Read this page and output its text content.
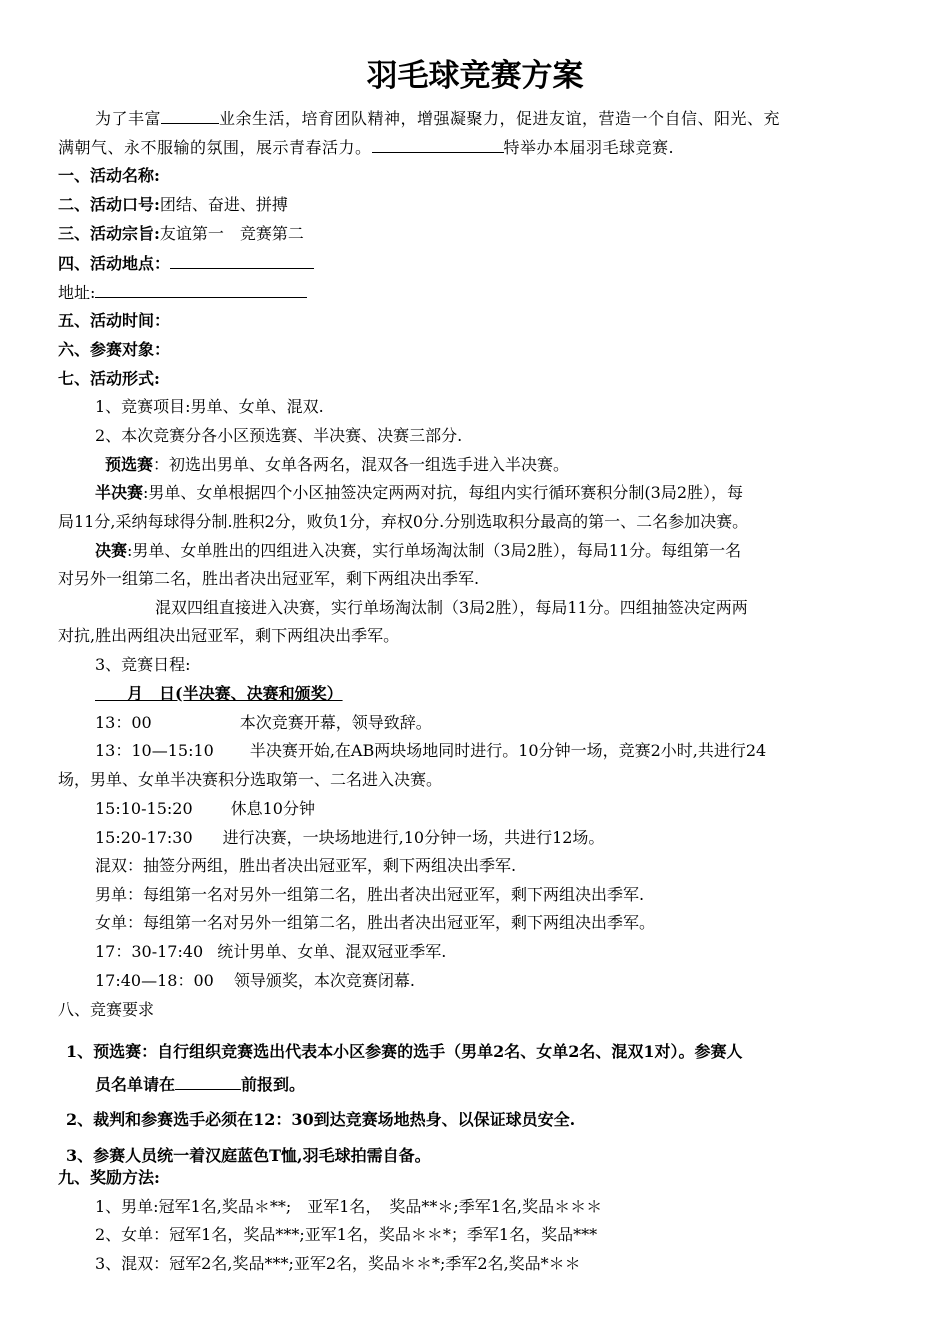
羽毛球竞赛方案
为了丰富	业余生活，培育团队精神，增强凝聚力，促进友谊，营造一个自信、阳光、充
满朝气、永不服输的氛围，展示青春活力。	特举办本届羽毛球竞赛.
一、活动名称:
二、活动口号:团结、奋进、拼搏
三、活动宗旨:友谊第一　竞赛第二
四、活动地点：
地址:
五、活动时间：
六、参赛对象：
七、活动形式:
1、竞赛项目:男单、女单、混双.
2、本次竞赛分各小区预选赛、半决赛、决赛三部分.
预选赛：初选出男单、女单各两名，混双各一组选手进入半决赛。
半决赛:男单、女单根据四个小区抽签决定两两对抗，每组内实行循环赛积分制(3局2胜），每
局11分,采纳每球得分制.胜积2分，败负1分，弃权0分.分别选取积分最高的第一、二名参加决赛。
决赛:男单、女单胜出的四组进入决赛，实行单场淘汰制（3局2胜），每局11分。每组第一名
对另外一组第二名，胜出者决出冠亚军，剩下两组决出季军.
混双四组直接进入决赛，实行单场淘汰制（3局2胜），每局11分。四组抽签决定两两
对抗,胜出两组决出冠亚军，剩下两组决出季军。
3、竞赛日程:
　　月　日(半决赛、决赛和颁奖）
13：00	本次竞赛开幕，领导致辞。
13：10—15:10 半决赛开始,在AB两块场地同时进行。10分钟一场，竞赛2小时,共进行24
场，男单、女单半决赛积分选取第一、二名进入决赛。
15:10-15:20 休息10分钟
15:20-17:30 进行决赛，一块场地进行,10分钟一场，共进行12场。
混双：抽签分两组，胜出者决出冠亚军，剩下两组决出季军.
男单：每组第一名对另外一组第二名，胜出者决出冠亚军，剩下两组决出季军.
女单：每组第一名对另外一组第二名，胜出者决出冠亚军，剩下两组决出季军。
17：30-17:40 统计男单、女单、混双冠亚季军.
17:40—18：00 领导颁奖，本次竞赛闭幕.
八、竞赛要求
1、预选赛：自行组织竞赛选出代表本小区参赛的选手（男单2名、女单2名、混双1对）。参赛人
员名单请在	前报到。
2、裁判和参赛选手必须在12：30到达竞赛场地热身、以保证球员安全.
3、参赛人员统一着汉庭蓝色T恤,羽毛球拍需自备。
九、奖励方法:
1、男单:冠军1名,奖品＊**;　亚军1名，　奖品**＊;季军1名,奖品＊＊＊
2、女单：冠军1名，奖品***;亚军1名，奖品＊＊*；季军1名，奖品***
3、混双：冠军2名,奖品***;亚军2名，奖品＊＊*;季军2名,奖品*＊＊
